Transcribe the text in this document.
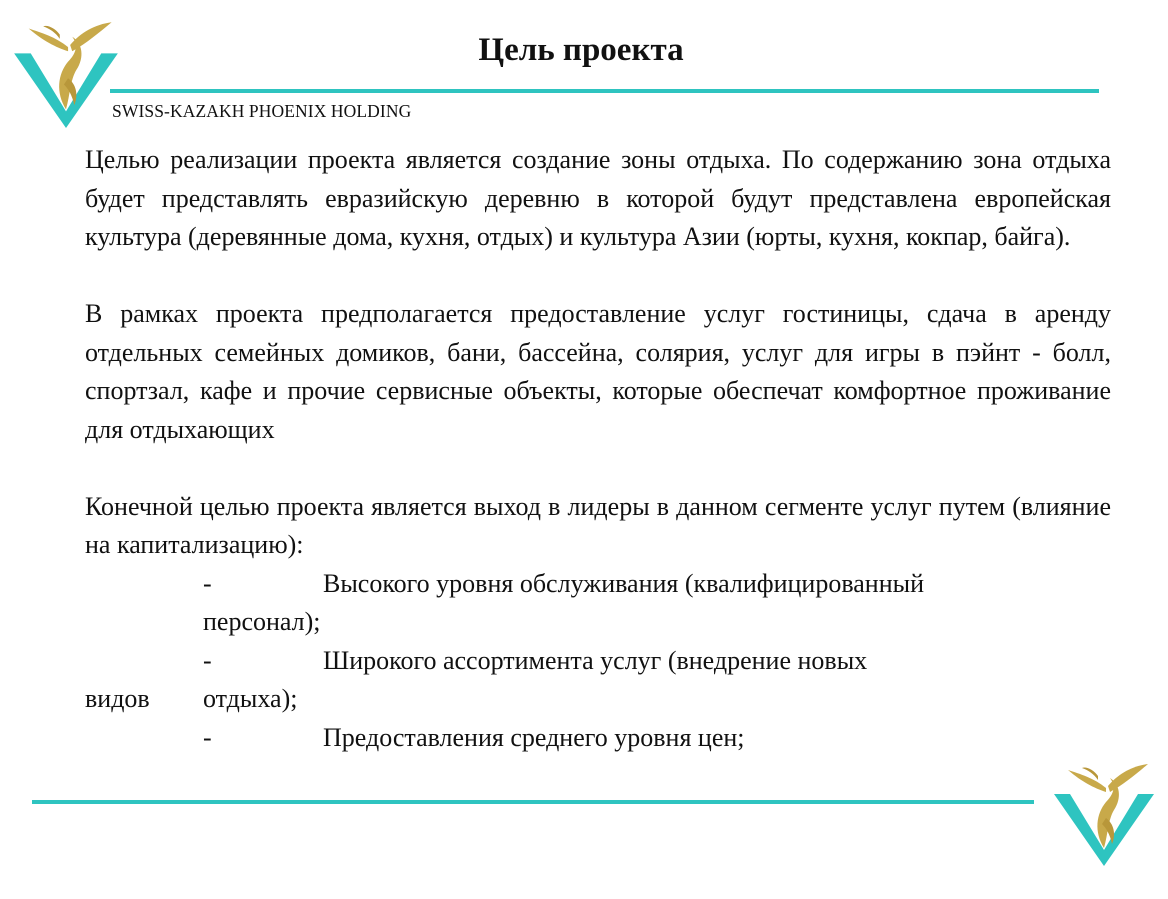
Цель проекта
SWISS-KAZAKH PHOENIX HOLDING

Целью реализации проекта является создание зоны отдыха. По содержанию зона отдыха будет представлять евразийскую деревню в которой будут представлена европейская культура (деревянные дома, кухня, отдых) и культура Азии (юрты, кухня, кокпар, байга).

В рамках проекта предполагается предоставление услуг гостиницы, сдача в аренду отдельных семейных домиков, бани, бассейна, солярия, услуг для игры в пэйнт - болл, спортзал, кафе и прочие сервисные объекты, которые обеспечат комфортное проживание для отдыхающих

Конечной целью проекта является выход в лидеры в данном сегменте услуг путем (влияние на капитализацию):

-	Высокого уровня обслуживания (квалифицированный

персонал);

-	Широкого ассортимента услуг (внедрение новых

видов отдыха);

-	Предоставления среднего уровня цен;
